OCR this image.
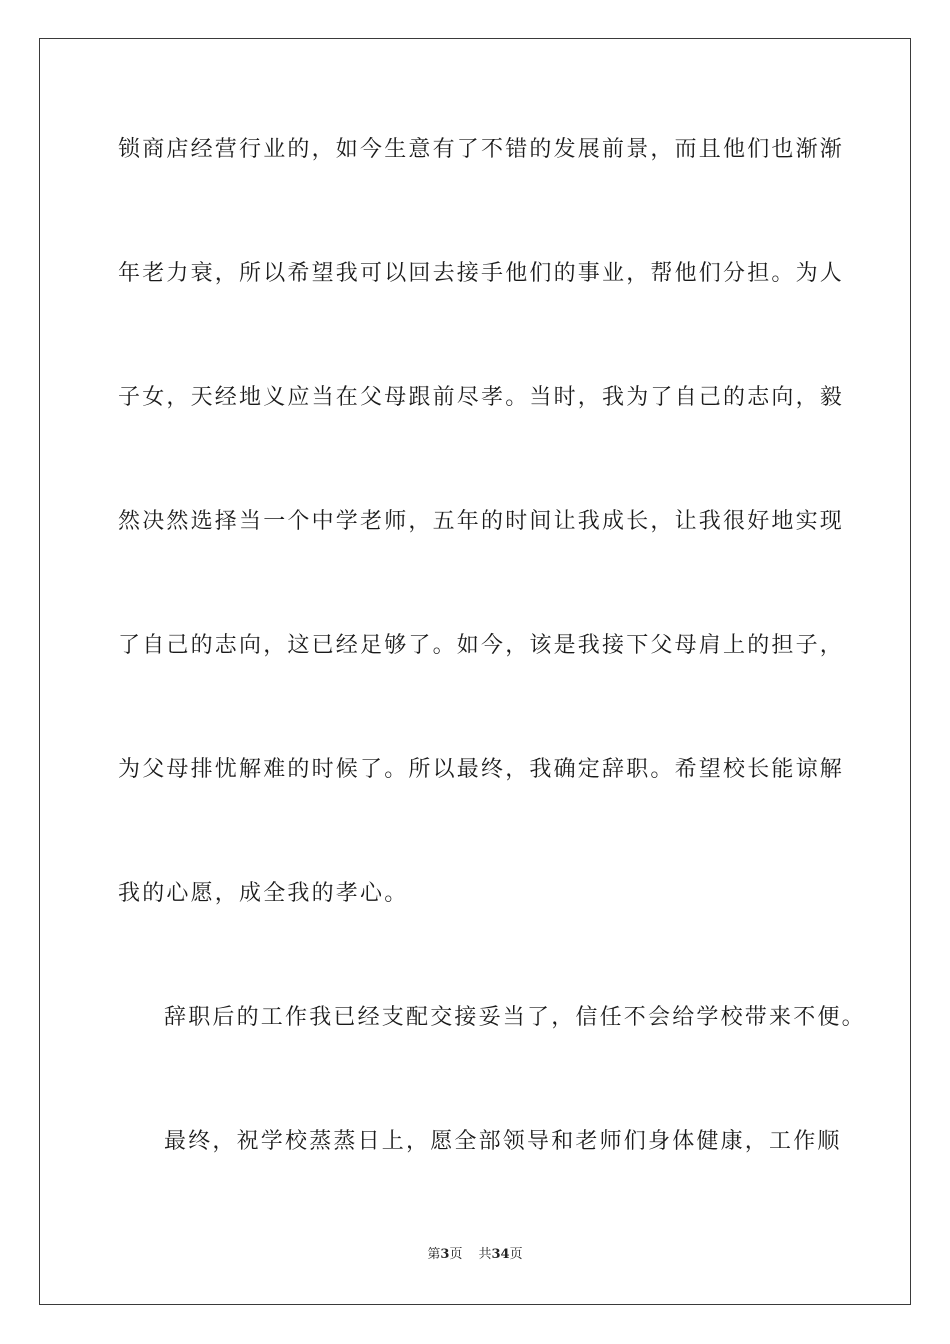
锁商店经营行业的，如今生意有了不错的发展前景，而且他们也渐渐
年老力衰，所以希望我可以回去接手他们的事业，帮他们分担。为人
子女，天经地义应当在父母跟前尽孝。当时，我为了自己的志向，毅
然决然选择当一个中学老师，五年的时间让我成长，让我很好地实现
了自己的志向，这已经足够了。如今，该是我接下父母肩上的担子，
为父母排忧解难的时候了。所以最终，我确定辞职。希望校长能谅解
我的心愿，成全我的孝心。
辞职后的工作我已经支配交接妥当了，信任不会给学校带来不便。
最终，祝学校蒸蒸日上，愿全部领导和老师们身体健康，工作顺
第3页 共34页
